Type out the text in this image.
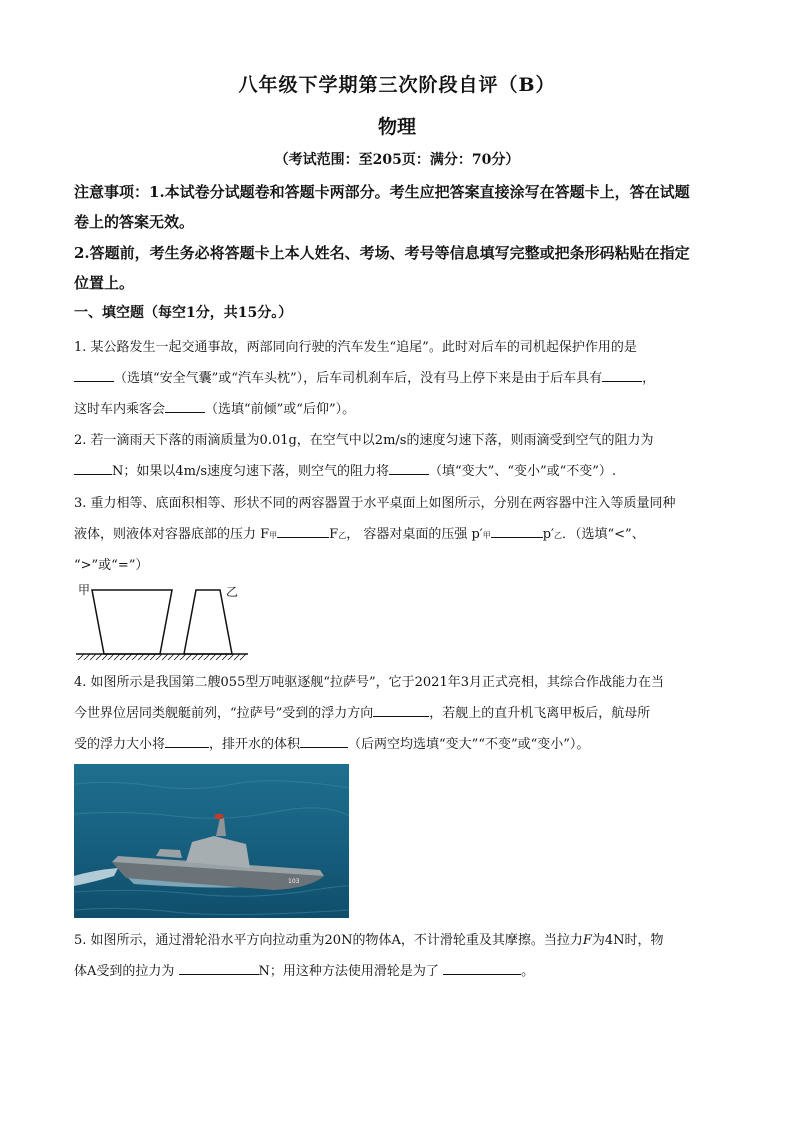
八年级下学期第三次阶段自评（B）
物理
（考试范围：至205页：满分：70分）
注意事项：1.本试卷分试题卷和答题卡两部分。考生应把答案直接涂写在答题卡上，答在试题
卷上的答案无效。
2.答题前，考生务必将答题卡上本人姓名、考场、考号等信息填写完整或把条形码粘贴在指定
位置上。
一、填空题（每空1分，共15分。）
1. 某公路发生一起交通事故，两部同向行驶的汽车发生“追尾”。此时对后车的司机起保护作用的是
（选填“安全气囊”或“汽车头枕”），后车司机刹车后，没有马上停下来是由于后车具有	，
这时车内乘客会	（选填“前倾”或“后仰”）。
2. 若一滴雨天下落的雨滴质量为0.01g，在空气中以2m/s的速度匀速下落，则雨滴受到空气的阻力为
N；如果以4m/s速度匀速下落，则空气的阻力将	（填“变大”、“变小”或“不变”）.
3. 重力相等、底面积相等、形状不同的两容器置于水平桌面上如图所示，分别在两容器中注入等质量同种
液体，则液体对容器底部的压力 F甲	F乙， 容器对桌面的压强 p′甲	p′乙．（选填“<”、
“>”或“=”）
甲	乙
4. 如图所示是我国第二艘055型万吨驱逐舰“拉萨号”，它于2021年3月正式亮相，其综合作战能力在当
今世界位居同类舰艇前列，“拉萨号”受到的浮力方向	，若舰上的直升机飞离甲板后，航母所
受的浮力大小将	，排开水的体积	（后两空均选填“变大”“不变”或“变小”）。
103
5. 如图所示，通过滑轮沿水平方向拉动重为20N的物体A，不计滑轮重及其摩擦。当拉力F为4N时，物
体A受到的拉力为	N；用这种方法使用滑轮是为了	。
